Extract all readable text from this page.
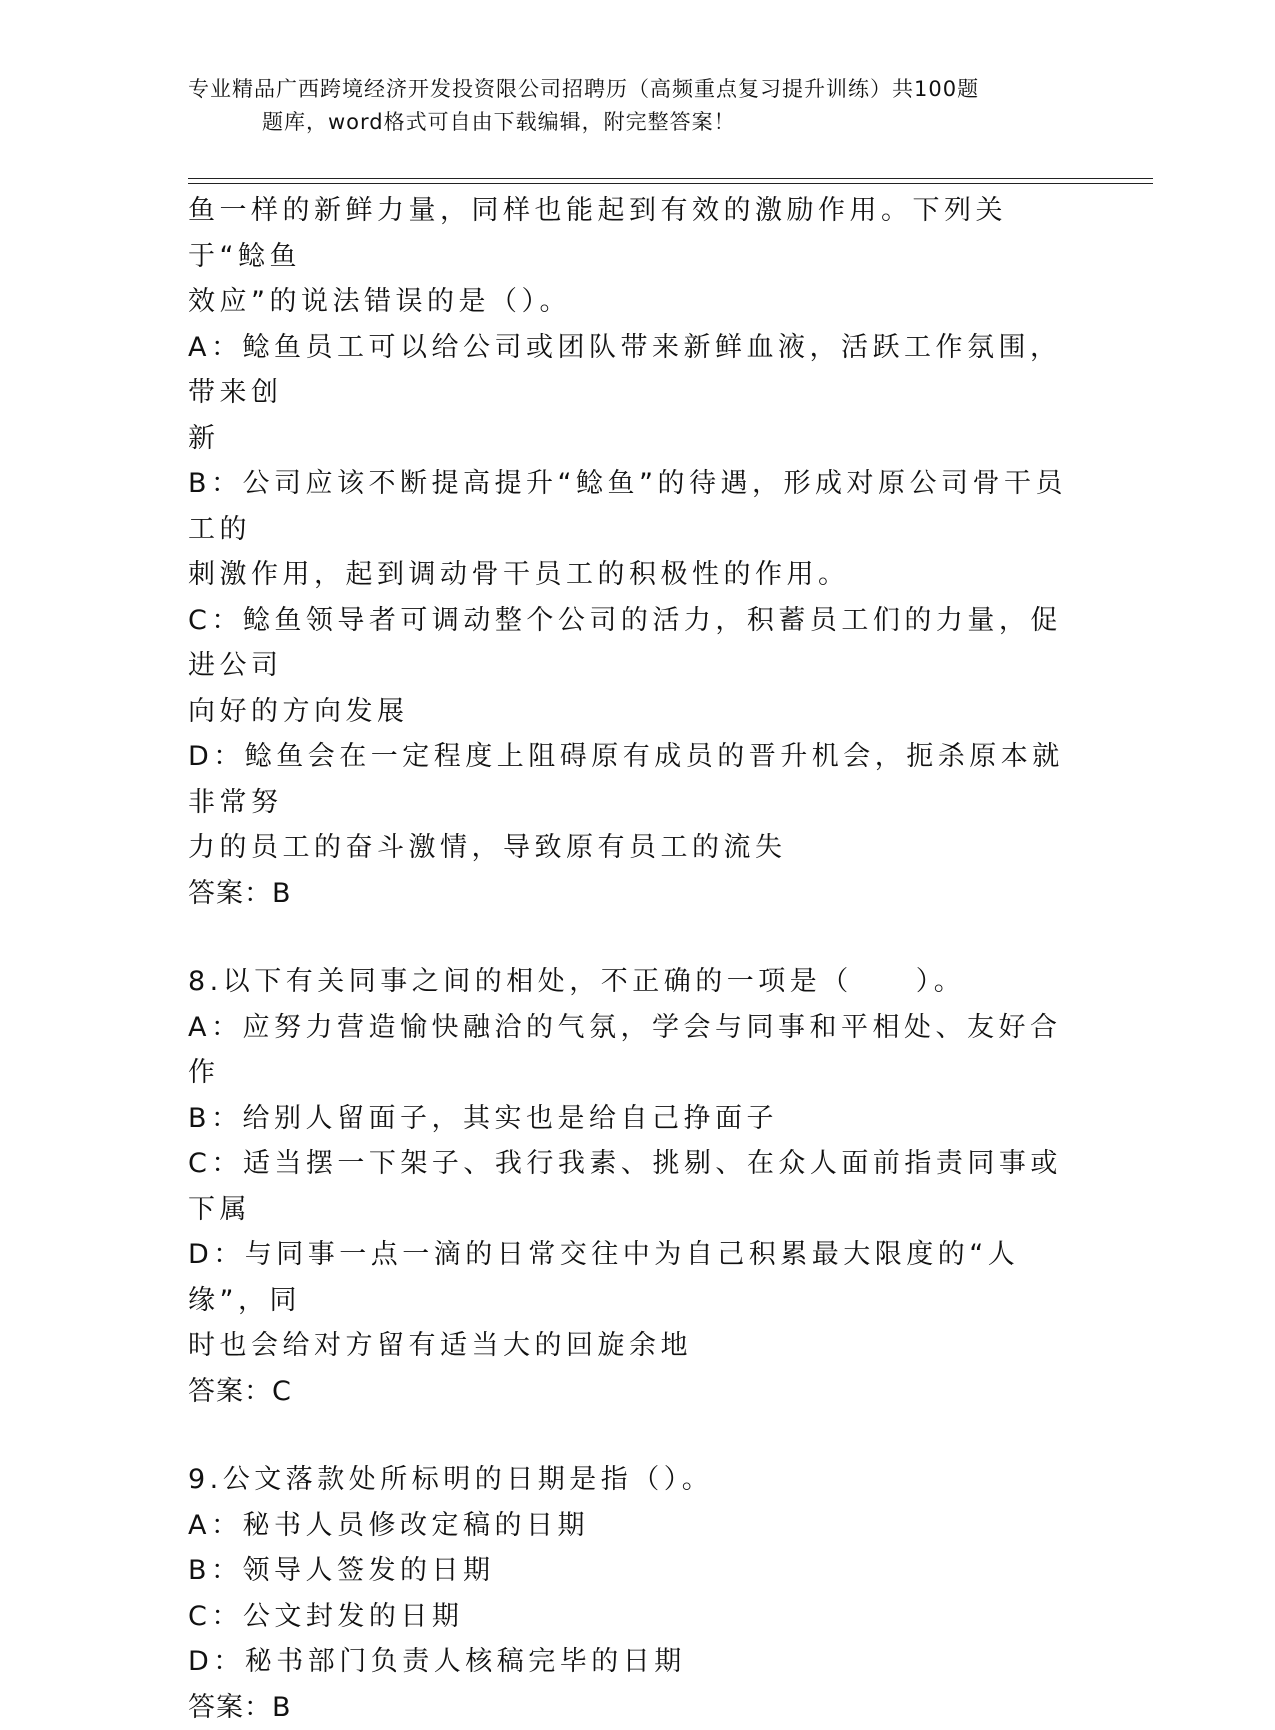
专业精品广西跨境经济开发投资限公司招聘历（高频重点复习提升训练）共100题
题库，word格式可自由下载编辑，附完整答案！

鱼一样的新鲜力量，同样也能起到有效的激励作用。下列关于“鲶鱼

效应”的说法错误的是（）。

A：鲶鱼员工可以给公司或团队带来新鲜血液，活跃工作氛围，带来创

新

B：公司应该不断提高提升“鲶鱼”的待遇，形成对原公司骨干员工的

刺激作用，起到调动骨干员工的积极性的作用。

C：鲶鱼领导者可调动整个公司的活力，积蓄员工们的力量，促进公司

向好的方向发展

D：鲶鱼会在一定程度上阻碍原有成员的晋升机会，扼杀原本就非常努

力的员工的奋斗激情，导致原有员工的流失

答案：B

8.以下有关同事之间的相处，不正确的一项是（　　）。

A：应努力营造愉快融洽的气氛，学会与同事和平相处、友好合作

B：给别人留面子，其实也是给自己挣面子

C：适当摆一下架子、我行我素、挑剔、在众人面前指责同事或下属

D：与同事一点一滴的日常交往中为自己积累最大限度的“人缘”，同

时也会给对方留有适当大的回旋余地

答案：C

9.公文落款处所标明的日期是指（）。

A：秘书人员修改定稿的日期

B：领导人签发的日期

C：公文封发的日期

D：秘书部门负责人核稿完毕的日期

答案：B
